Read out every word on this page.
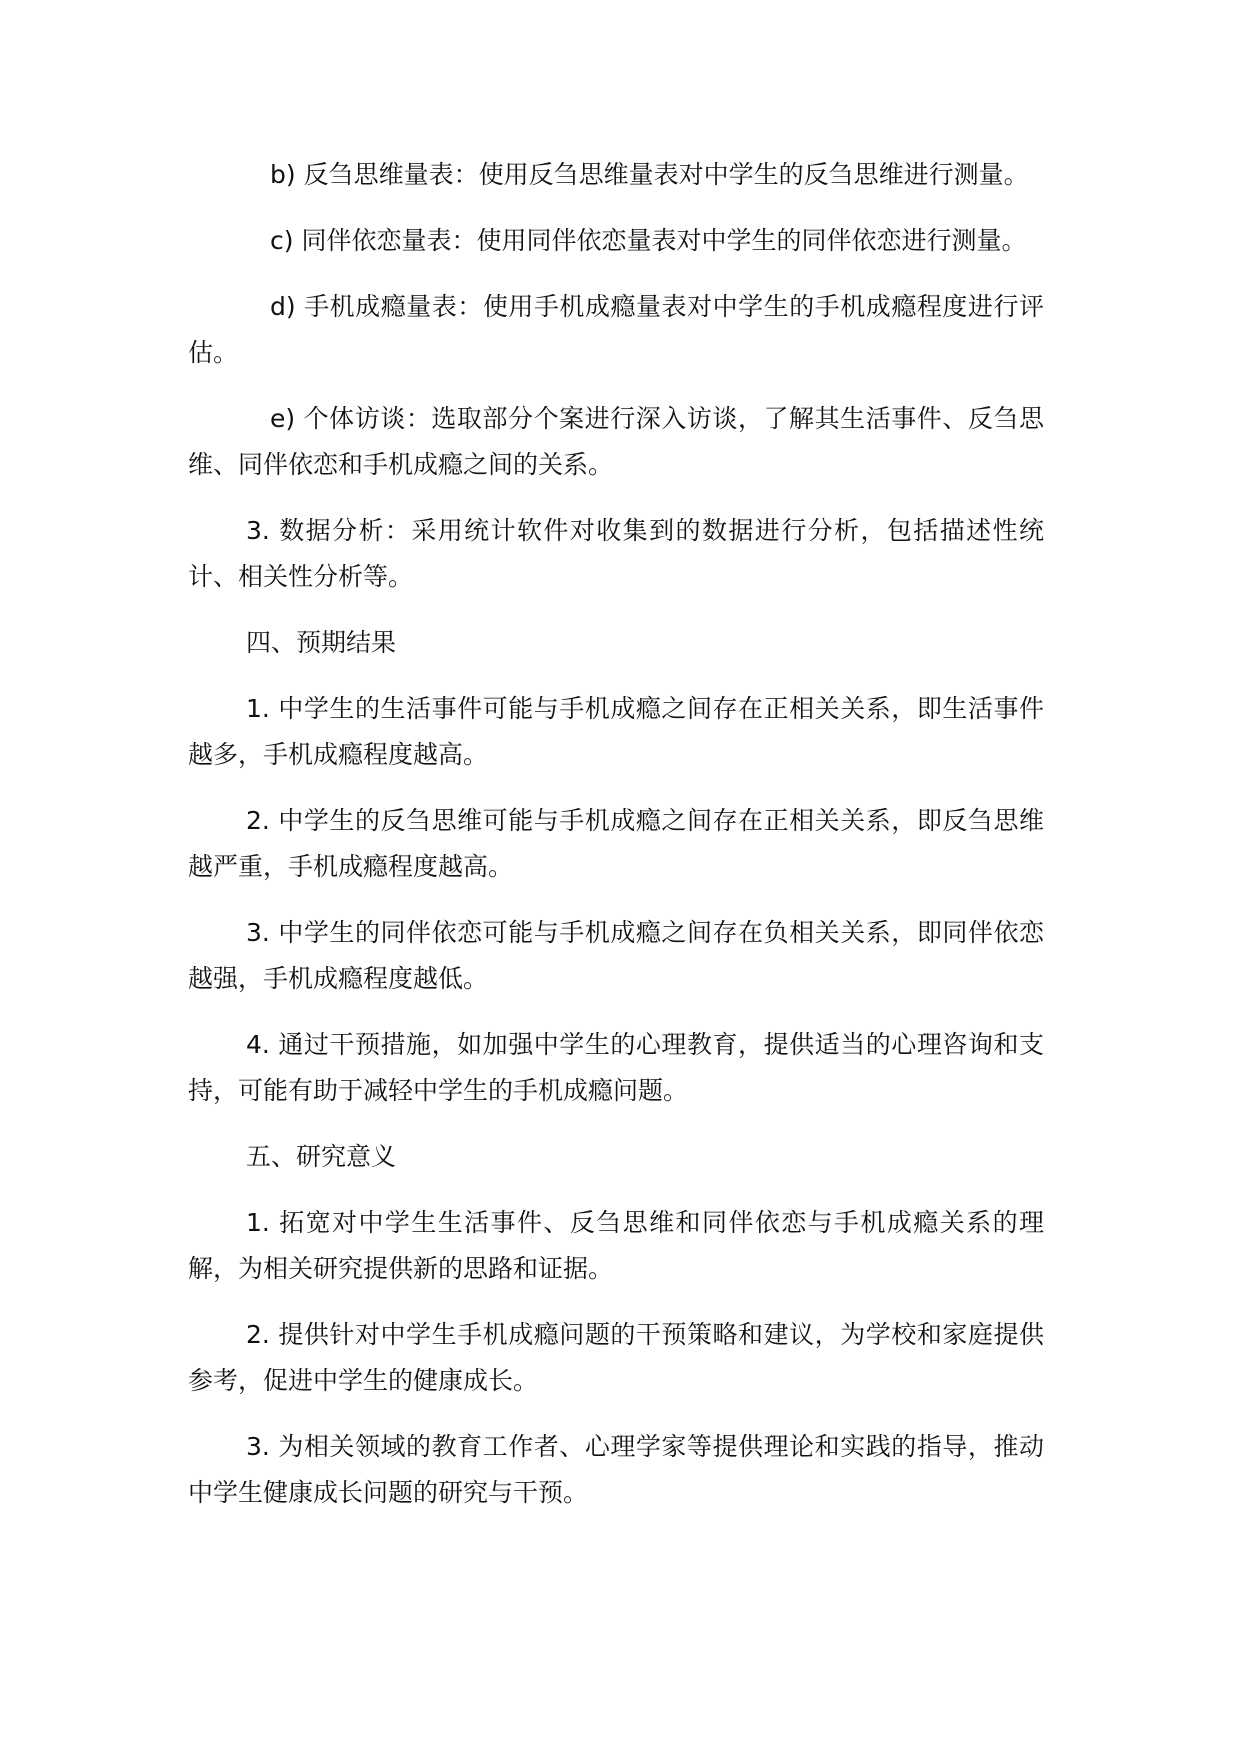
b) 反刍思维量表：使用反刍思维量表对中学生的反刍思维进行测量。

c) 同伴依恋量表：使用同伴依恋量表对中学生的同伴依恋进行测量。

d) 手机成瘾量表：使用手机成瘾量表对中学生的手机成瘾程度进行评估。

e) 个体访谈：选取部分个案进行深入访谈，了解其生活事件、反刍思维、同伴依恋和手机成瘾之间的关系。

3. 数据分析：采用统计软件对收集到的数据进行分析，包括描述性统计、相关性分析等。

四、预期结果

1. 中学生的生活事件可能与手机成瘾之间存在正相关关系，即生活事件越多，手机成瘾程度越高。

2. 中学生的反刍思维可能与手机成瘾之间存在正相关关系，即反刍思维越严重，手机成瘾程度越高。

3. 中学生的同伴依恋可能与手机成瘾之间存在负相关关系，即同伴依恋越强，手机成瘾程度越低。

4. 通过干预措施，如加强中学生的心理教育，提供适当的心理咨询和支持，可能有助于减轻中学生的手机成瘾问题。

五、研究意义

1. 拓宽对中学生生活事件、反刍思维和同伴依恋与手机成瘾关系的理解，为相关研究提供新的思路和证据。

2. 提供针对中学生手机成瘾问题的干预策略和建议，为学校和家庭提供参考，促进中学生的健康成长。

3. 为相关领域的教育工作者、心理学家等提供理论和实践的指导，推动中学生健康成长问题的研究与干预。
